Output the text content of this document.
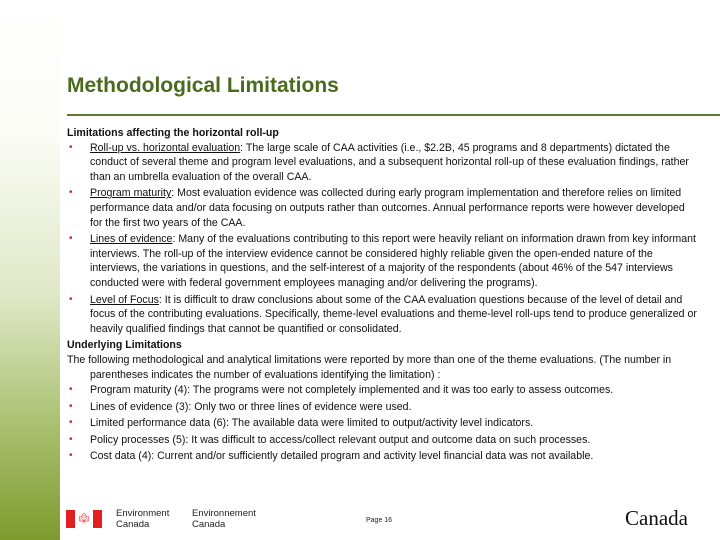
Methodological Limitations

Limitations affecting the horizontal roll-up

• Roll-up vs. horizontal evaluation: The large scale of CAA activities (i.e., $2.2B, 45 programs and 8 departments) dictated the conduct of several theme and program level evaluations, and a subsequent horizontal roll-up of these evaluation findings, rather than an umbrella evaluation of the overall CAA.
• Program maturity: Most evaluation evidence was collected during early program implementation and therefore relies on limited performance data and/or data focusing on outputs rather than outcomes. Annual performance reports were however developed for the first two years of the CAA.
• Lines of evidence: Many of the evaluations contributing to this report were heavily reliant on information drawn from key informant interviews. The roll-up of the interview evidence cannot be considered highly reliable given the open-ended nature of the interviews, the variations in questions, and the self-interest of a majority of the respondents (about 46% of the 547 interviews conducted were with federal government employees managing and/or delivering the programs).
• Level of Focus: It is difficult to draw conclusions about some of the CAA evaluation questions because of the level of detail and focus of the contributing evaluations. Specifically, theme-level evaluations and theme-level roll-ups tend to produce generalized or heavily qualified findings that cannot be quantified or consolidated.

Underlying Limitations

The following methodological and analytical limitations were reported by more than one of the theme evaluations. (The number in parentheses indicates the number of evaluations identifying the limitation) :

• Program maturity (4): The programs were not completely implemented and it was too early to assess outcomes.
• Lines of evidence (3): Only two or three lines of evidence were used.
• Limited performance data (6): The available data were limited to output/activity level indicators.
• Policy processes (5): It was difficult to access/collect relevant output and outcome data on such processes.
• Cost data (4): Current and/or sufficiently detailed program and activity level financial data was not available.
🍁︎	Environment
Canada
Environnement
Canada	Page 16	Canada
